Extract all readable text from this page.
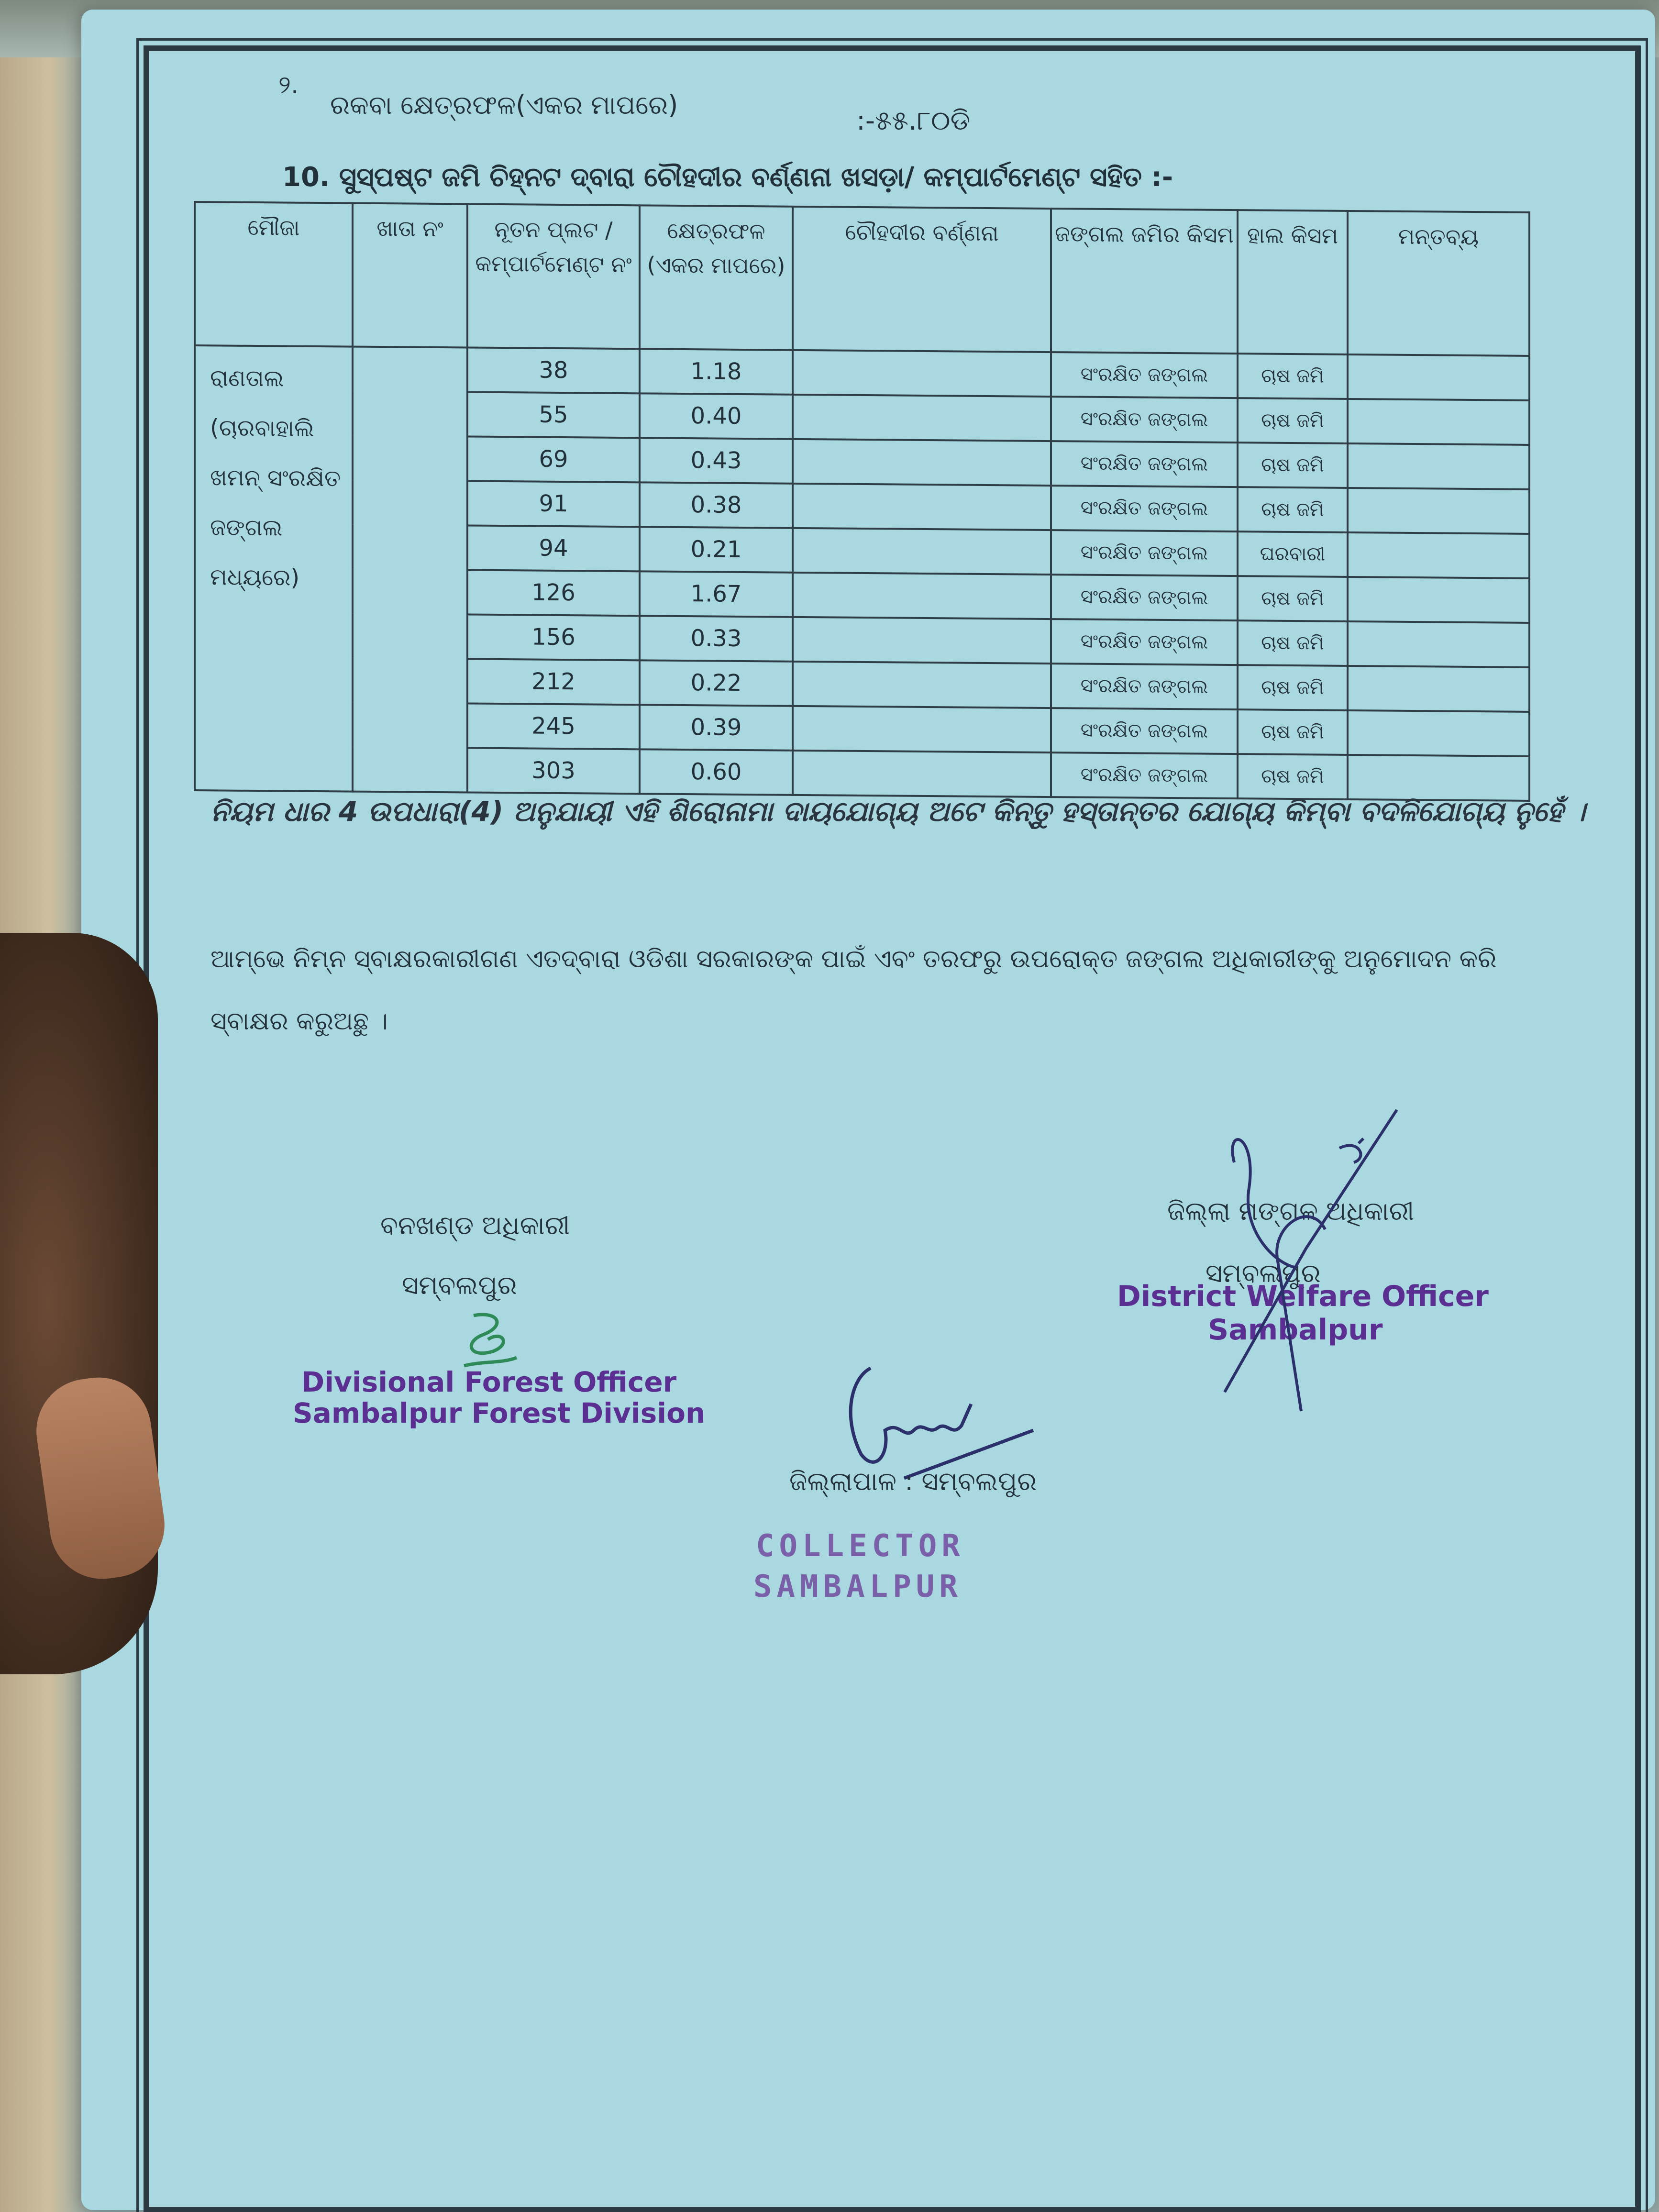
୨.
ରକବା କ୍ଷେତ୍ରଫଳ(ଏକର ମାପରେ)
:-୫୫.୮୦ଡି
10. ସୁସ୍ପଷ୍ଟ ଜମି ଚିହ୍ନଟ ଦ୍ବାରା ଚୌହଦୀର ବର୍ଣ୍ଣନା ଖସଡ଼ା/ କମ୍ପାର୍ଟମେଣ୍ଟ ସହିତ :-
ମୌଜା	ଖାତା ନଂ	ନୂତନ ପ୍ଲଟ / କମ୍ପାର୍ଟମେଣ୍ଟ ନଂ	କ୍ଷେତ୍ରଫଳ (ଏକର ମାପରେ)	ଚୌହଦୀର ବର୍ଣ୍ଣନା	ଜଙ୍ଗଲ ଜମିର କିସମ	ହାଲ କିସମ	ମନ୍ତବ୍ୟ
ରାଣତାଲ (ଚାରବାହାଲି ଖମନ୍ ସଂରକ୍ଷିତ ଜଙ୍ଗଲ ମଧ୍ୟରେ)		38	1.18		ସଂରକ୍ଷିତ ଜଙ୍ଗଲ	ଚାଷ ଜମି	
		55	0.40		ସଂରକ୍ଷିତ ଜଙ୍ଗଲ	ଚାଷ ଜମି	
		69	0.43		ସଂରକ୍ଷିତ ଜଙ୍ଗଲ	ଚାଷ ଜମି	
		91	0.38		ସଂରକ୍ଷିତ ଜଙ୍ଗଲ	ଚାଷ ଜମି	
		94	0.21		ସଂରକ୍ଷିତ ଜଙ୍ଗଲ	ଘରବାରୀ	
		126	1.67		ସଂରକ୍ଷିତ ଜଙ୍ଗଲ	ଚାଷ ଜମି	
		156	0.33		ସଂରକ୍ଷିତ ଜଙ୍ଗଲ	ଚାଷ ଜମି	
		212	0.22		ସଂରକ୍ଷିତ ଜଙ୍ଗଲ	ଚାଷ ଜମି	
		245	0.39		ସଂରକ୍ଷିତ ଜଙ୍ଗଲ	ଚାଷ ଜମି	
		303	0.60		ସଂରକ୍ଷିତ ଜଙ୍ଗଲ	ଚାଷ ଜମି	
ନିୟମ ଧାର 4 ଉପଧାରା(4) ଅନୁଯାୟୀ ଏହି ଶିରୋନାମା ଦାୟଯୋଗ୍ୟ ଅଟେ କିନ୍ତୁ ହସ୍ତାନ୍ତର ଯୋଗ୍ୟ କିମ୍ବା ବଦଳିଯୋଗ୍ୟ ନୁହେଁ ।
ଆମ୍ଭେ ନିମ୍ନ ସ୍ବାକ୍ଷରକାରୀଗଣ ଏତଦ୍ବାରା ଓଡିଶା ସରକାରଙ୍କ ପାଇଁ ଏବଂ ତରଫରୁ ଉପରୋକ୍ତ ଜଙ୍ଗଲ ଅଧିକାରୀଙ୍କୁ ଅନୁମୋଦନ କରି ସ୍ବାକ୍ଷର କରୁଅଛୁ ।
ବନଖଣ୍ଡ ଅଧିକାରୀ
ସମ୍ବଲପୁର
Divisional Forest Officer
Sambalpur Forest Division
ଜିଲ୍ଲା ମଙ୍ଗଳ ଅଧିକାରୀ
ସମ୍ବଲପୁର
District Welfare Officer
Sambalpur
ଜିଲ୍ଲାପାଳ : ସମ୍ବଲପୁର
COLLECTOR
SAMBALPUR
